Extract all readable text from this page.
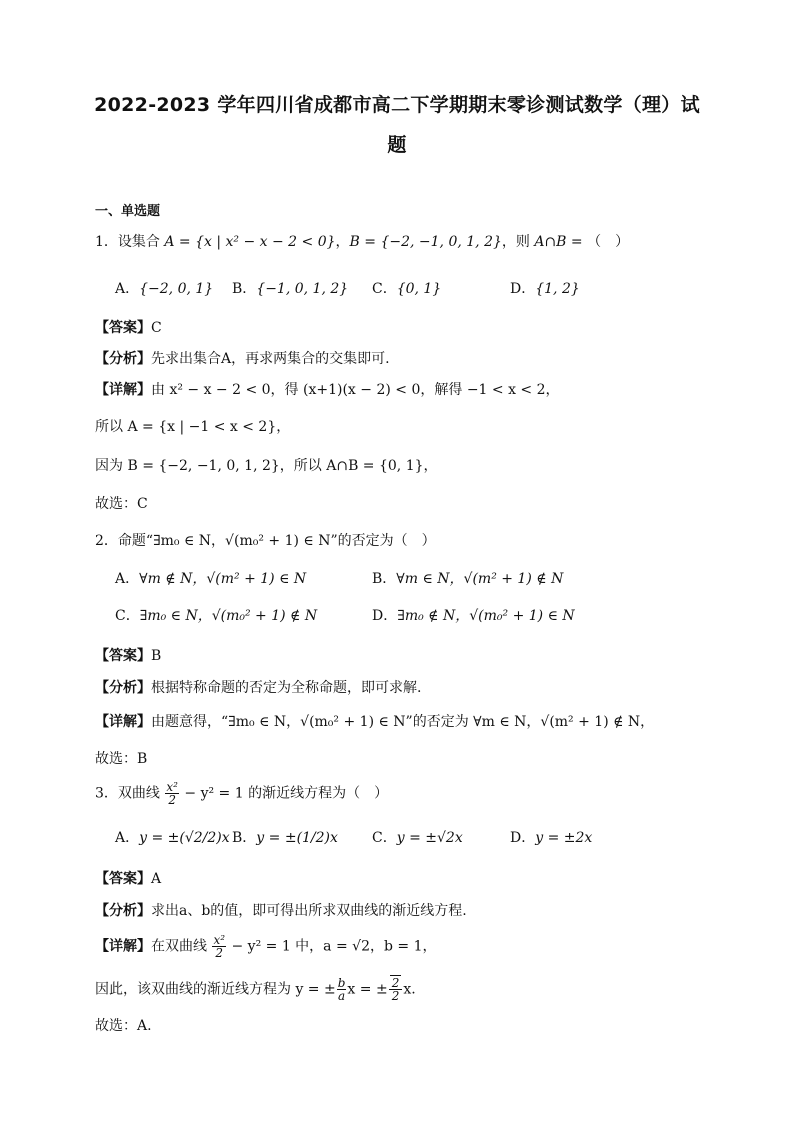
2022-2023 学年四川省成都市高二下学期期末零诊测试数学（理）试
题
一、单选题
1．设集合 A = {x | x² − x − 2 < 0}，B = {−2, −1, 0, 1, 2}，则 A∩B = （　）
A．{−2, 0, 1} B．{−1, 0, 1, 2} C．{0, 1}	D．{1, 2}
【答案】C
【分析】先求出集合A，再求两集合的交集即可.
【详解】由 x² − x − 2 < 0，得 (x+1)(x − 2) < 0，解得 −1 < x < 2，
所以 A = {x | −1 < x < 2}，
因为 B = {−2, −1, 0, 1, 2}，所以 A∩B = {0, 1}，
故选：C
2．命题“∃m₀ ∈ N，√(m₀² + 1) ∈ N”的否定为（　）
A．∀m ∉ N，√(m² + 1) ∈ N	B．∀m ∈ N，√(m² + 1) ∉ N
C．∃m₀ ∈ N，√(m₀² + 1) ∉ N	D．∃m₀ ∉ N，√(m₀² + 1) ∈ N
【答案】B
【分析】根据特称命题的否定为全称命题，即可求解.
【详解】由题意得，“∃m₀ ∈ N，√(m₀² + 1) ∈ N”的否定为 ∀m ∈ N，√(m² + 1) ∉ N，
故选：B
3．双曲线 $\frac{\text{x²}}{2} - y^2 = 1$ 的渐近线方程为（　）
A．y = ±(√2/2)x B．y = ±(1/2)x C．y = ±√2x	D．y = ±2x
【答案】A
【分析】求出a、b的值，即可得出所求双曲线的渐近线方程.
【详解】在双曲线 $\frac{\text{x²}}{2} - y^2 = 1$ 中，a = √2，b = 1，
因此，该双曲线的渐近线方程为 y = ± $\frac{b}{a}$ x = ± $\frac{2}{2} x$.
故选：A.
